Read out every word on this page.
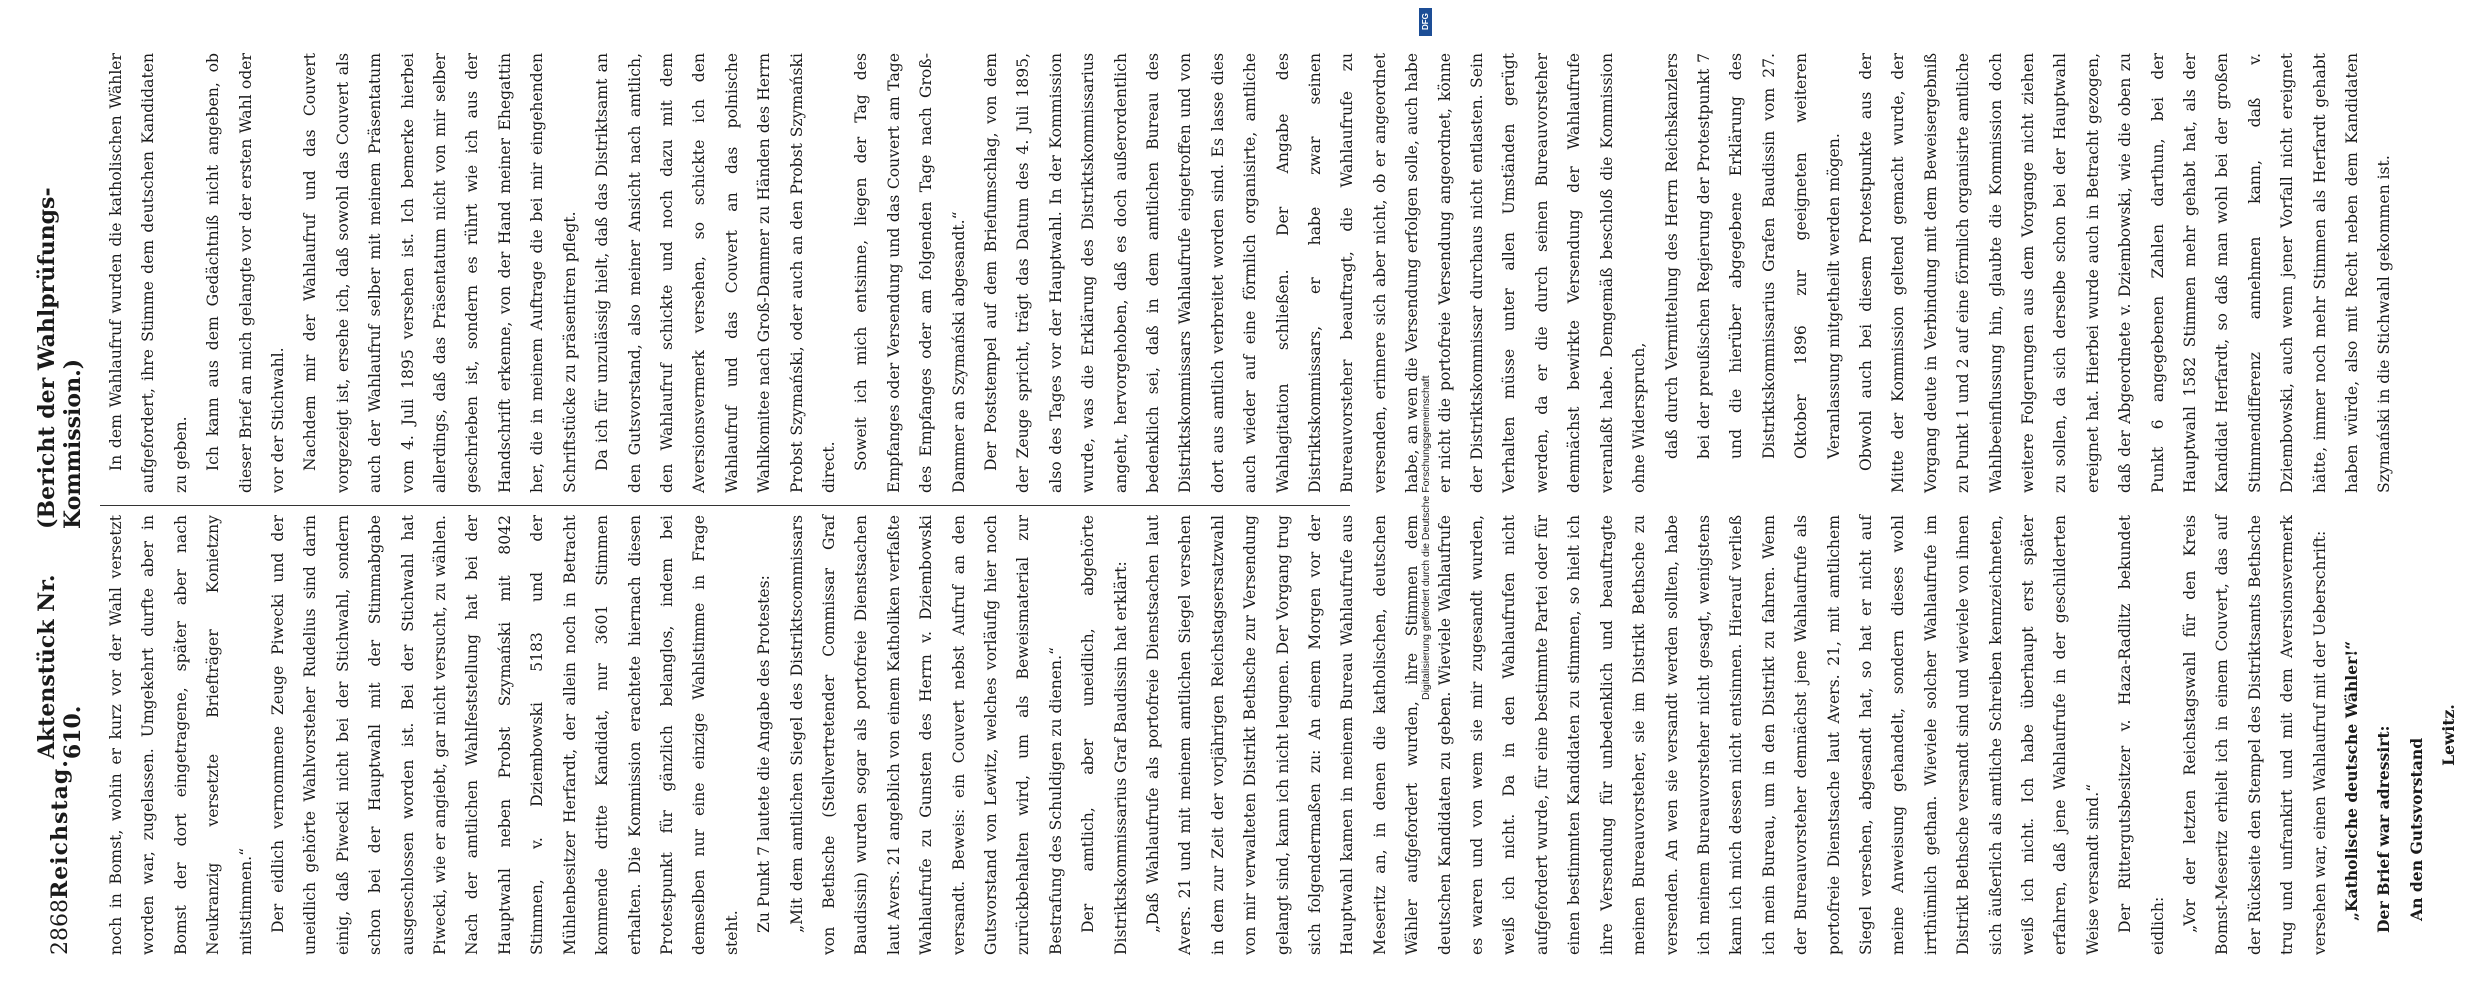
2868
Reichstag.
Aktenstück Nr. 610.
(Bericht der Wahlprüfungs-Kommission.)

noch in Bomst, wohin er kurz vor der Wahl versetzt worden war, zugelassen. Umgekehrt durfte aber in Bomst der dort eingetragene, später aber nach Neukranzig versetzte Briefträger Konietzny mitstimmen.“ Der eidlich vernommene Zeuge Piwecki und der uneidlich gehörte Wahlvorsteher Rudelius sind darin einig, daß Piwecki nicht bei der Stichwahl, sondern schon bei der Hauptwahl mit der Stimmabgabe ausgeschlossen worden ist. Bei der Stichwahl hat Piwecki, wie er angiebt, gar nicht versucht, zu wählen. Nach der amtlichen Wahlfeststellung hat bei der Hauptwahl neben Probst Szymański mit 8042 Stimmen, v. Dziembowski 5183 und der Mühlenbesitzer Herfardt, der allein noch in Betracht kommende dritte Kandidat, nur 3601 Stimmen erhalten. Die Kommission erachtete hiernach diesen Protestpunkt für gänzlich belanglos, indem bei demselben nur eine einzige Wahlstimme in Frage steht. Zu Punkt 7 lautete die Angabe des Protestes: „Mit dem amtlichen Siegel des Distriktscommissars von Bethsche (Stellvertretender Commissar Graf Baudissin) wurden sogar als portofreie Dienstsachen laut Avers. 21 angeblich von einem Katholiken verfaßte Wahlaufrufe zu Gunsten des Herrn v. Dziembowski versandt. Beweis: ein Couvert nebst Aufruf an den Gutsvorstand von Lewitz, welches vorläufig hier noch zurückbehalten wird, um als Beweismaterial zur Bestrafung des Schuldigen zu dienen.“ Der amtlich, aber uneidlich, abgehörte Distriktskommissarius Graf Baudissin hat erklärt: „Daß Wahlaufrufe als portofreie Dienstsachen laut Avers. 21 und mit meinem amtlichen Siegel versehen in dem zur Zeit der vorjährigen Reichstagsersatzwahl von mir verwalteten Distrikt Bethsche zur Versendung gelangt sind, kann ich nicht leugnen. Der Vorgang trug sich folgendermaßen zu: An einem Morgen vor der Hauptwahl kamen in meinem Bureau Wahlaufrufe aus Meseritz an, in denen die katholischen, deutschen Wähler aufgefordert wurden, ihre Stimmen dem deutschen Kandidaten zu geben. Wieviele Wahlaufrufe es waren und von wem sie mir zugesandt wurden, weiß ich nicht. Da in den Wahlaufrufen nicht aufgefordert wurde, für eine bestimmte Partei oder für einen bestimmten Kandidaten zu stimmen, so hielt ich ihre Versendung für unbedenklich und beauftragte meinen Bureauvorsteher, sie im Distrikt Bethsche zu versenden. An wen sie versandt werden sollten, habe ich meinem Bureauvorsteher nicht gesagt, wenigstens kann ich mich dessen nicht entsinnen. Hierauf verließ ich mein Bureau, um in den Distrikt zu fahren. Wenn der Bureauvorsteher demnächst jene Wahlaufrufe als portofreie Dienstsache laut Avers. 21, mit amtlichem Siegel versehen, abgesandt hat, so hat er nicht auf meine Anweisung gehandelt, sondern dieses wohl irrthümlich gethan. Wieviele solcher Wahlaufrufe im Distrikt Bethsche versandt sind und wieviele von ihnen sich äußerlich als amtliche Schreiben kennzeichneten, weiß ich nicht. Ich habe überhaupt erst später erfahren, daß jene Wahlaufrufe in der geschilderten Weise versandt sind.“ Der Rittergutsbesitzer v. Haza-Radlitz bekundet eidlich: „Vor der letzten Reichstagswahl für den Kreis Bomst-Meseritz erhielt ich in einem Couvert, das auf der Rückseite den Stempel des Distriktsamts Bethsche trug und unfrankirt und mit dem Aversionsvermerk versehen war, einen Wahlaufruf mit der Ueberschrift: „Katholische deutsche Wähler!“ Der Brief war adressirt: An den Gutsvorstand

Lewitz.

In dem Wahlaufruf wurden die katholischen Wähler aufgefordert, ihre Stimme dem deutschen Kandidaten zu geben. Ich kann aus dem Gedächtniß nicht angeben, ob dieser Brief an mich gelangte vor der ersten Wahl oder vor der Stichwahl. Nachdem mir der Wahlaufruf und das Couvert vorgezeigt ist, ersehe ich, daß sowohl das Couvert als auch der Wahlaufruf selber mit meinem Präsentatum vom 4. Juli 1895 versehen ist. Ich bemerke hierbei allerdings, daß das Präsentatum nicht von mir selber geschrieben ist, sondern es rührt wie ich aus der Handschrift erkenne, von der Hand meiner Ehegattin her, die in meinem Auftrage die bei mir eingehenden Schriftstücke zu präsentiren pflegt. Da ich für unzulässig hielt, daß das Distriktsamt an den Gutsvorstand, also meiner Ansicht nach amtlich, den Wahlaufruf schickte und noch dazu mit dem Aversionsvermerk versehen, so schickte ich den Wahlaufruf und das Couvert an das polnische Wahlkomitee nach Groß-Dammer zu Händen des Herrn Probst Szymański, oder auch an den Probst Szymański direct. Soweit ich mich entsinne, liegen der Tag des Empfanges oder Versendung und das Couvert am Tage des Empfanges oder am folgenden Tage nach Groß-Dammer an Szymański abgesandt.“ Der Poststempel auf dem Briefumschlag, von dem der Zeuge spricht, trägt das Datum des 4. Juli 1895, also des Tages vor der Hauptwahl. In der Kommission wurde, was die Erklärung des Distriktskommissarius angeht, hervorgehoben, daß es doch außerordentlich bedenklich sei, daß in dem amtlichen Bureau des Distriktskommissars Wahlaufrufe eingetroffen und von dort aus amtlich verbreitet worden sind. Es lasse dies auch wieder auf eine förmlich organisirte, amtliche Wahlagitation schließen. Der Angabe des Distriktskommissars, er habe zwar seinen Bureauvorsteher beauftragt, die Wahlaufrufe zu versenden, erinnere sich aber nicht, ob er angeordnet habe, an wen die Versendung erfolgen solle, auch habe er nicht die portofreie Versendung angeordnet, könne der Distriktskommissar durchaus nicht entlasten. Sein Verhalten müsse unter allen Umständen gerügt werden, da er die durch seinen Bureauvorsteher demnächst bewirkte Versendung der Wahlaufrufe veranlaßt habe. Demgemäß beschloß die Kommission ohne Widerspruch, daß durch Vermittelung des Herrn Reichskanzlers bei der preußischen Regierung der Protestpunkt 7 und die hierüber abgegebene Erklärung des Distriktskommissarius Grafen Baudissin vom 27. Oktober 1896 zur geeigneten weiteren Veranlassung mitgetheilt werden mögen. Obwohl auch bei diesem Protestpunkte aus der Mitte der Kommission geltend gemacht wurde, der Vorgang deute in Verbindung mit dem Beweisergebniß zu Punkt 1 und 2 auf eine förmlich organisirte amtliche Wahlbeeinflussung hin, glaubte die Kommission doch weitere Folgerungen aus dem Vorgange nicht ziehen zu sollen, da sich derselbe schon bei der Hauptwahl ereignet hat. Hierbei wurde auch in Betracht gezogen, daß der Abgeordnete v. Dziembowski, wie die oben zu Punkt 6 angegebenen Zahlen darthun, bei der Hauptwahl 1582 Stimmen mehr gehabt hat, als der Kandidat Herfardt, so daß man wohl bei der großen Stimmendifferenz annehmen kann, daß v. Dziembowski, auch wenn jener Vorfall nicht ereignet hätte, immer noch mehr Stimmen als Herfardt gehabt haben würde, also mit Recht neben dem Kandidaten Szymański in die Stichwahl gekommen ist.

Digitalisierung gefördert durch die Deutsche Forschungsgemeinschaft
DFG
